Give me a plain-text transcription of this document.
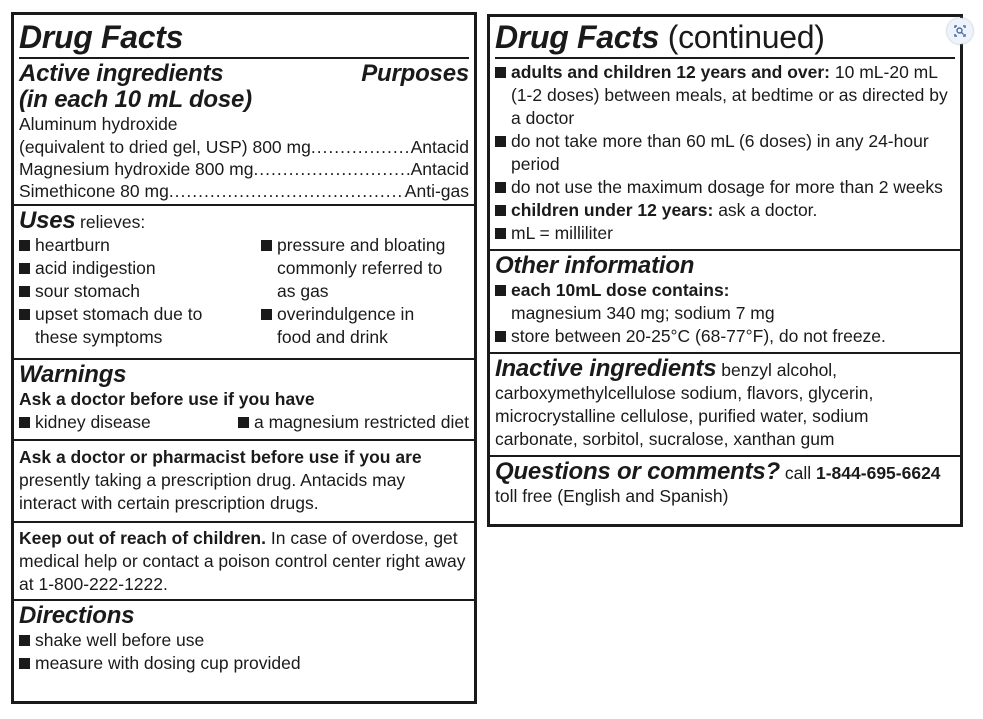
Drug Facts
Active ingredients
(in each 10 mL dose)
Purposes
Aluminum hydroxide
(equivalent to dried gel, USP) 800 mg .....	Antacid
Magnesium hydroxide 800 mg .....	Antacid
Simethicone 80 mg .....	Anti-gas
Uses relieves:
heartburn
acid indigestion
sour stomach
upset stomach due to these symptoms
pressure and bloating commonly referred to as gas
overindulgence in food and drink
Warnings
Ask a doctor before use if you have
kidney disease	a magnesium restricted diet
Ask a doctor or pharmacist before use if you are presently taking a prescription drug. Antacids may interact with certain prescription drugs.
Keep out of reach of children. In case of overdose, get medical help or contact a poison control center right away at 1-800-222-1222.
Directions
shake well before use
measure with dosing cup provided
Drug Facts (continued)
adults and children 12 years and over: 10 mL-20 mL (1-2 doses) between meals, at bedtime or as directed by a doctor
do not take more than 60 mL (6 doses) in any 24-hour period
do not use the maximum dosage for more than 2 weeks
children under 12 years: ask a doctor.
mL = milliliter
Other information
each 10mL dose contains:
magnesium 340 mg; sodium 7 mg
store between 20-25°C (68-77°F), do not freeze.
Inactive ingredients benzyl alcohol, carboxymethylcellulose sodium, flavors, glycerin, microcrystalline cellulose, purified water, sodium carbonate, sorbitol, sucralose, xanthan gum
Questions or comments? call 1-844-695-6624
toll free (English and Spanish)
